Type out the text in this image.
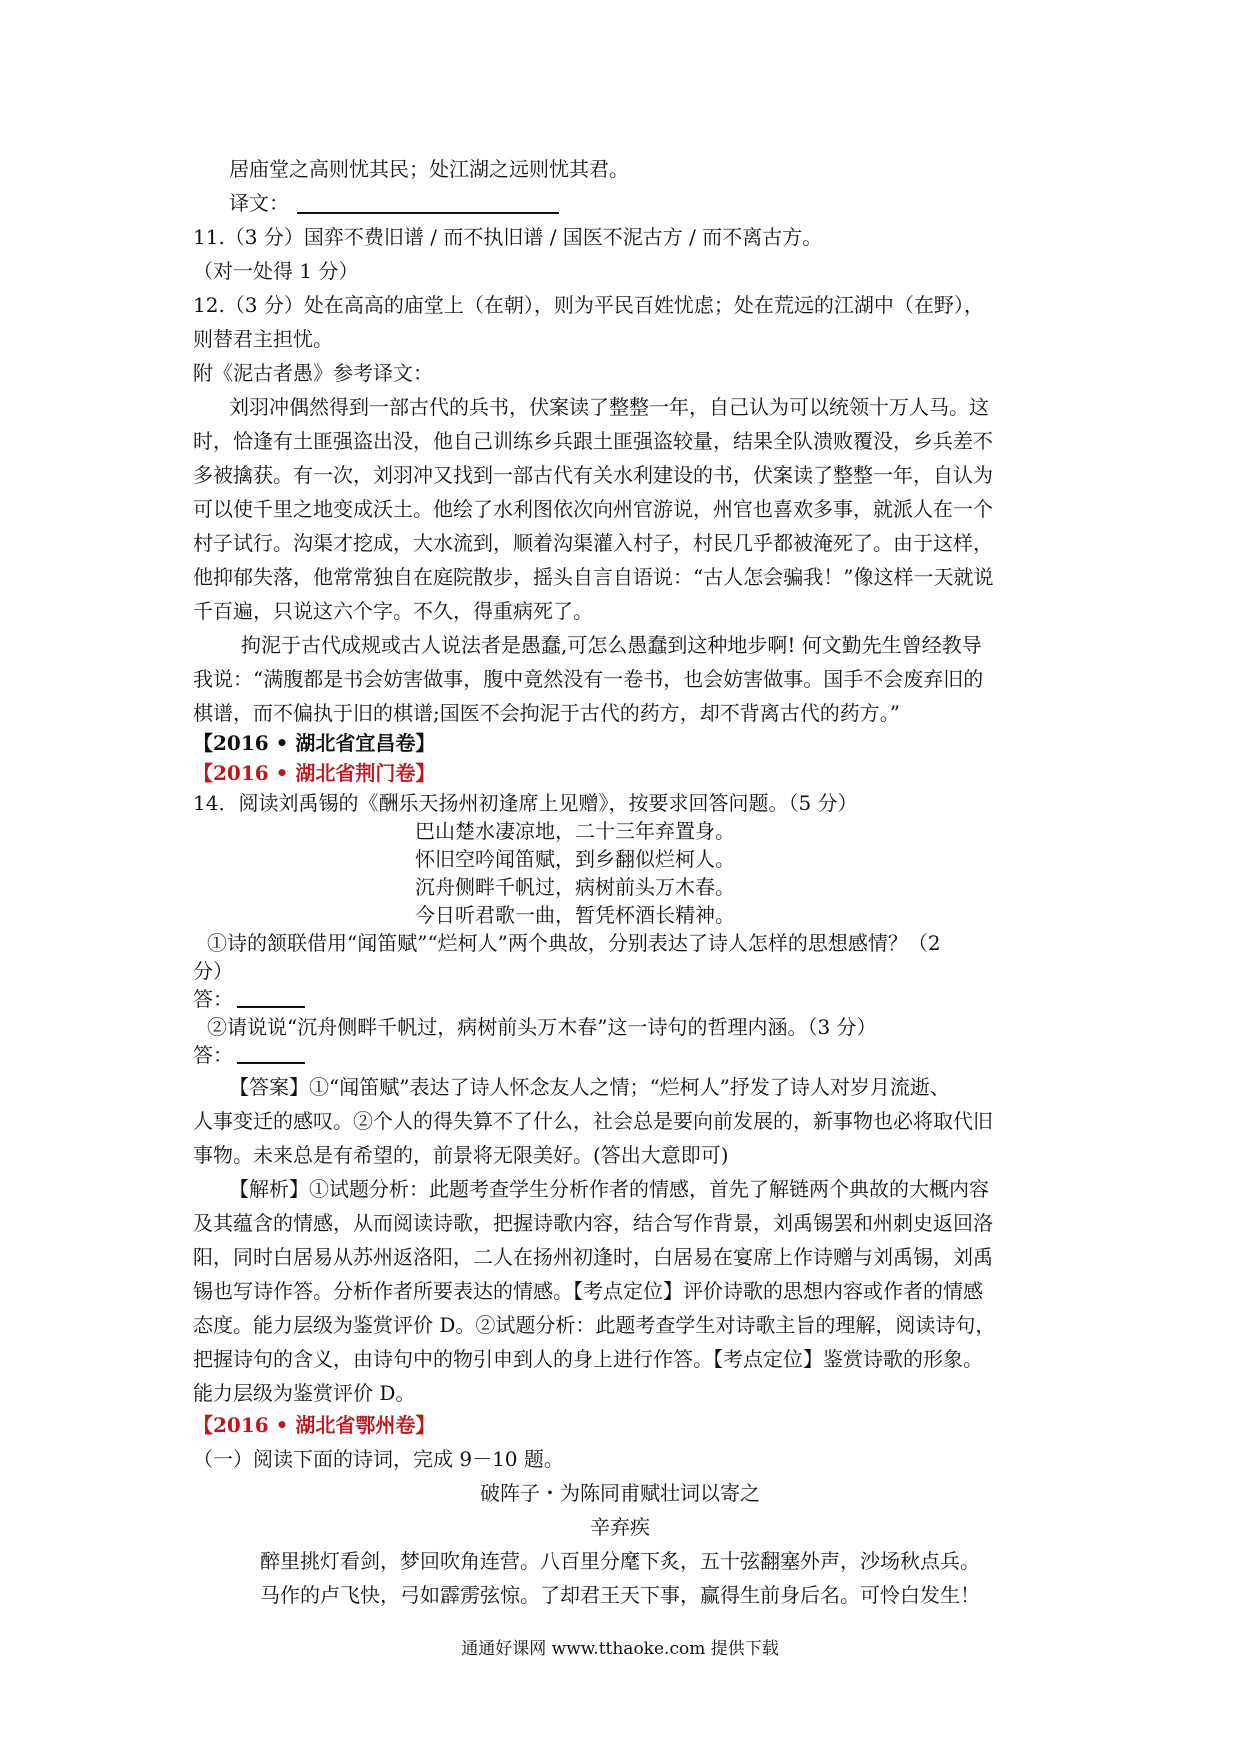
居庙堂之高则忧其民；处江湖之远则忧其君。
译文：
11.（3 分）国弈不费旧谱 / 而不执旧谱 / 国医不泥古方 / 而不离古方。
（对一处得 1 分）
12.（3 分）处在高高的庙堂上（在朝），则为平民百姓忧虑；处在荒远的江湖中（在野），
则替君主担忧。
附《泥古者愚》参考译文：
刘羽冲偶然得到一部古代的兵书，伏案读了整整一年，自己认为可以统领十万人马。这
时，恰逢有土匪强盗出没，他自己训练乡兵跟土匪强盗较量，结果全队溃败覆没，乡兵差不
多被擒获。有一次，刘羽冲又找到一部古代有关水利建设的书，伏案读了整整一年，自认为
可以使千里之地变成沃土。他绘了水利图依次向州官游说，州官也喜欢多事，就派人在一个
村子试行。沟渠才挖成，大水流到，顺着沟渠灌入村子，村民几乎都被淹死了。由于这样，
他抑郁失落，他常常独自在庭院散步，摇头自言自语说：“古人怎会骗我！”像这样一天就说
千百遍，只说这六个字。不久，得重病死了。
拘泥于古代成规或古人说法者是愚蠢,可怎么愚蠢到这种地步啊! 何文勤先生曾经教导
我说：“满腹都是书会妨害做事，腹中竟然没有一卷书，也会妨害做事。国手不会废弃旧的
棋谱，而不偏执于旧的棋谱;国医不会拘泥于古代的药方，却不背离古代的药方。”
【2016 • 湖北省宜昌卷】
【2016 • 湖北省荆门卷】
14．阅读刘禹锡的《酬乐天扬州初逢席上见赠》，按要求回答问题。（5 分）
巴山楚水凄凉地，二十三年弃置身。
怀旧空吟闻笛赋，到乡翻似烂柯人。
沉舟侧畔千帆过，病树前头万木春。
今日听君歌一曲，暂凭杯酒长精神。
①诗的颔联借用“闻笛赋”“烂柯人”两个典故，分别表达了诗人怎样的思想感情？（2
分）
答：
②请说说“沉舟侧畔千帆过，病树前头万木春”这一诗句的哲理内涵。（3 分）
答：
【答案】①“闻笛赋”表达了诗人怀念友人之情；“烂柯人”抒发了诗人对岁月流逝、
人事变迁的感叹。②个人的得失算不了什么，社会总是要向前发展的，新事物也必将取代旧
事物。未来总是有希望的，前景将无限美好。(答出大意即可)
【解析】①试题分析：此题考查学生分析作者的情感，首先了解链两个典故的大概内容
及其蕴含的情感，从而阅读诗歌，把握诗歌内容，结合写作背景，刘禹锡罢和州刺史返回洛
阳，同时白居易从苏州返洛阳，二人在扬州初逢时，白居易在宴席上作诗赠与刘禹锡，刘禹
锡也写诗作答。分析作者所要表达的情感。【考点定位】评价诗歌的思想内容或作者的情感
态度。能力层级为鉴赏评价 D。②试题分析：此题考查学生对诗歌主旨的理解，阅读诗句，
把握诗句的含义，由诗句中的物引申到人的身上进行作答。【考点定位】鉴赏诗歌的形象。
能力层级为鉴赏评价 D。
【2016 • 湖北省鄂州卷】
（一）阅读下面的诗词，完成 9－10 题。
破阵子・为陈同甫赋壮词以寄之
辛弃疾
醉里挑灯看剑，梦回吹角连营。八百里分麾下炙，五十弦翻塞外声，沙场秋点兵。
马作的卢飞快，弓如霹雳弦惊。了却君王天下事，赢得生前身后名。可怜白发生！
通通好课网 www.tthaoke.com 提供下载
